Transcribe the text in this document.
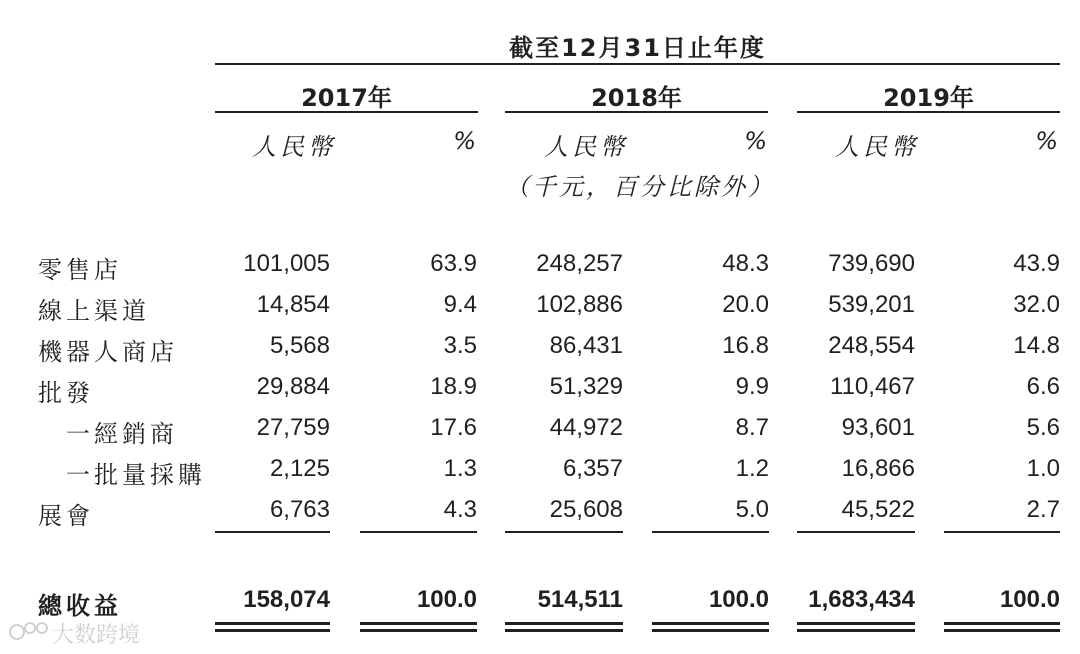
截至12月31日止年度
2017年	2018年	2019年
人民幣	%	人民幣	%	人民幣	%
（千元，百分比除外）
零售店	101,005	63.9	248,257	48.3	739,690	43.9
線上渠道	14,854	9.4	102,886	20.0	539,201	32.0
機器人商店	5,568	3.5	86,431	16.8	248,554	14.8
批發	29,884	18.9	51,329	9.9	110,467	6.6
一經銷商	27,759	17.6	44,972	8.7	93,601	5.6
一批量採購	2,125	1.3	6,357	1.2	16,866	1.0
展會	6,763	4.3	25,608	5.0	45,522	2.7
總收益	158,074	100.0	514,511	100.0	1,683,434	100.0
大数跨境
